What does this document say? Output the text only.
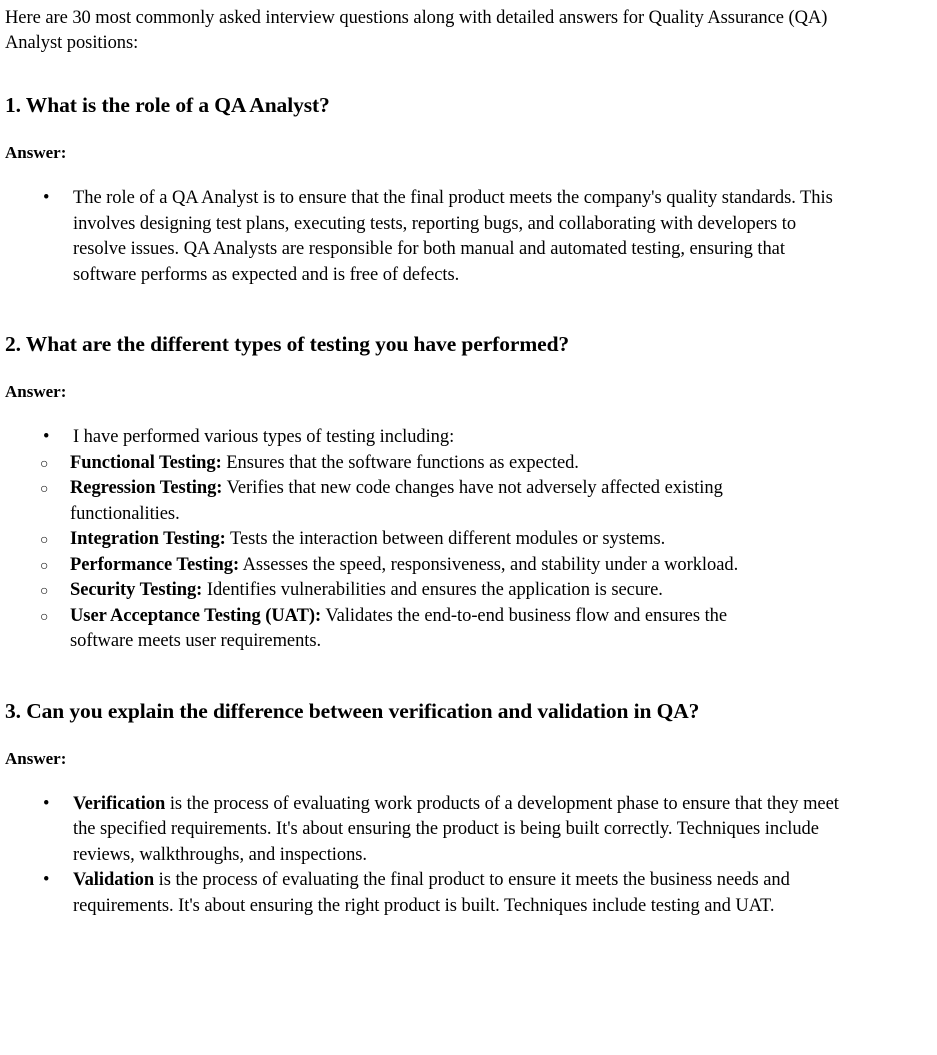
Here are 30 most commonly asked interview questions along with detailed answers for Quality Assurance (QA) Analyst positions:

1. What is the role of a QA Analyst?

Answer:

•	The role of a QA Analyst is to ensure that the final product meets the company's quality standards. This involves designing test plans, executing tests, reporting bugs, and collaborating with developers to resolve issues. QA Analysts are responsible for both manual and automated testing, ensuring that software performs as expected and is free of defects.
2. What are the different types of testing you have performed?

Answer:

•	I have performed various types of testing including:
○	Functional Testing: Ensures that the software functions as expected.
○	Regression Testing: Verifies that new code changes have not adversely affected existing functionalities.
○	Integration Testing: Tests the interaction between different modules or systems.
○	Performance Testing: Assesses the speed, responsiveness, and stability under a workload.
○	Security Testing: Identifies vulnerabilities and ensures the application is secure.
○	User Acceptance Testing (UAT): Validates the end-to-end business flow and ensures the software meets user requirements.
3. Can you explain the difference between verification and validation in QA?

Answer:

•	Verification is the process of evaluating work products of a development phase to ensure that they meet the specified requirements. It's about ensuring the product is being built correctly. Techniques include reviews, walkthroughs, and inspections.
•	Validation is the process of evaluating the final product to ensure it meets the business needs and requirements. It's about ensuring the right product is built. Techniques include testing and UAT.
